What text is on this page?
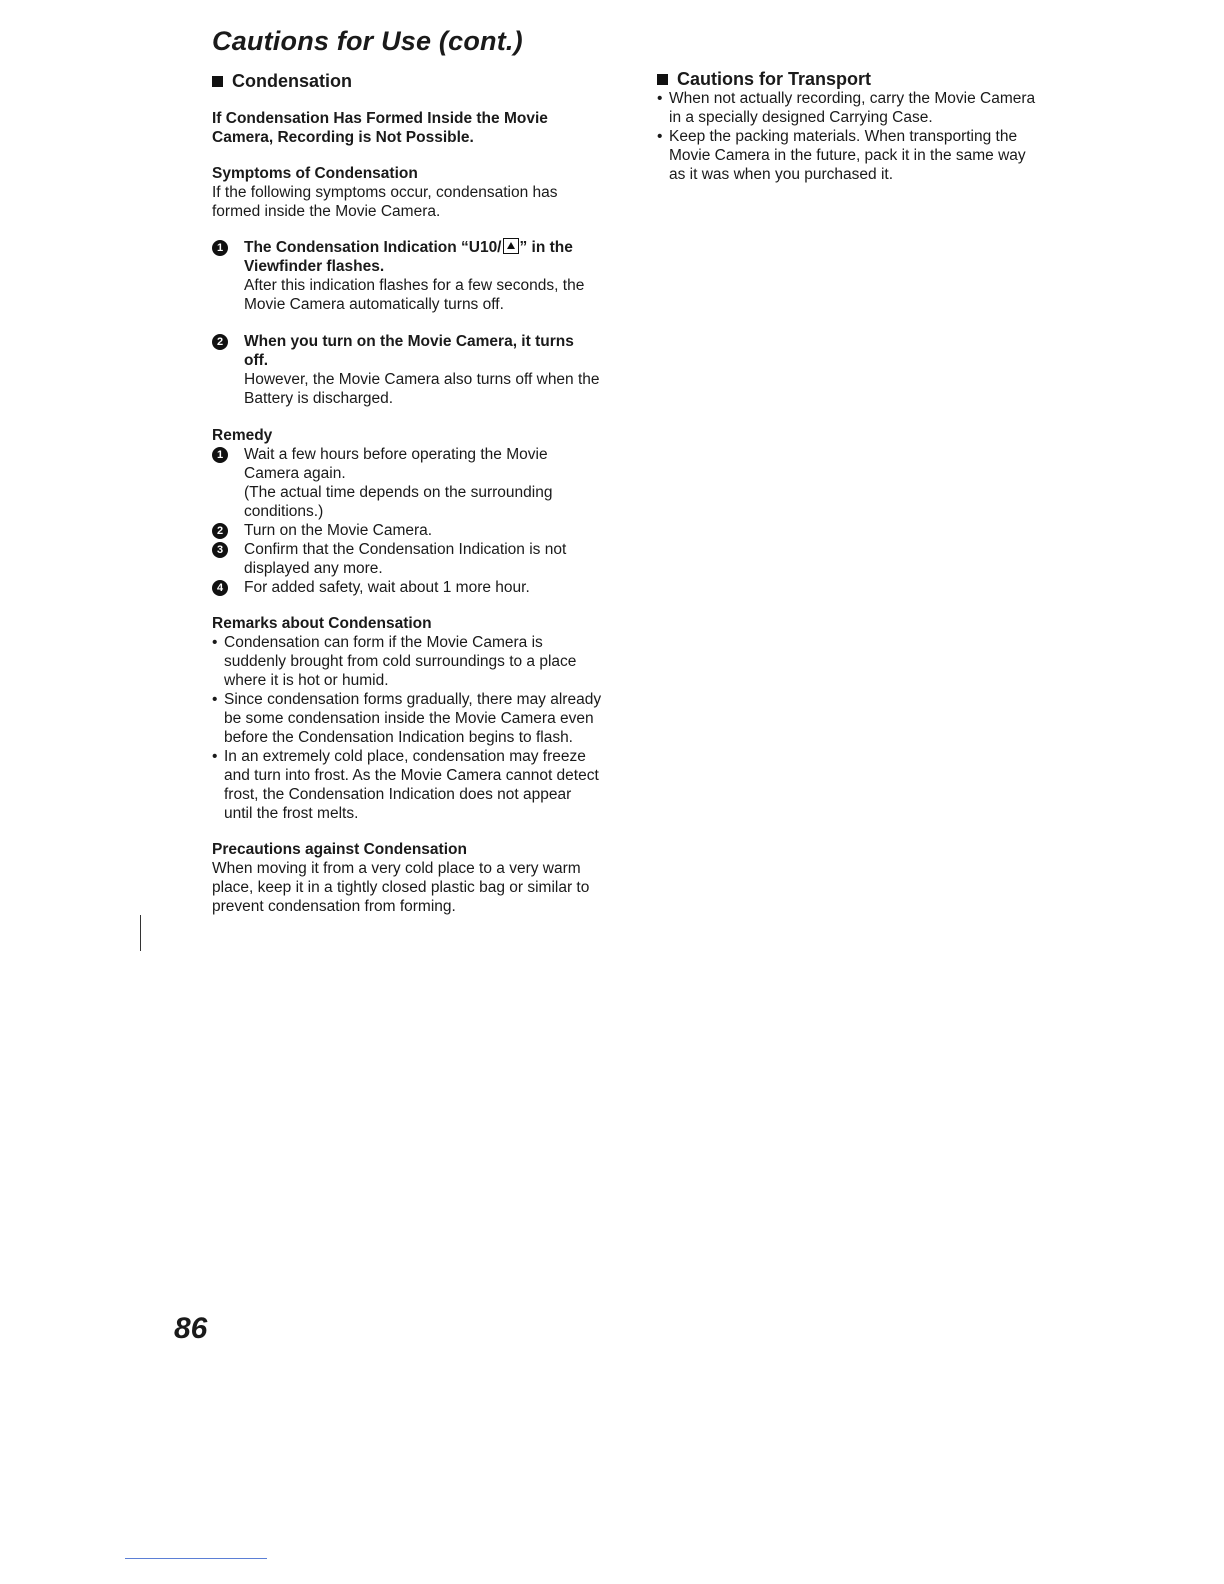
Cautions for Use (cont.)
Condensation

If Condensation Has Formed Inside the Movie Camera, Recording is Not Possible.

Symptoms of Condensation

If the following symptoms occur, condensation has formed inside the Movie Camera.

1	The Condensation Indication “U10/ ” in the Viewfinder flashes.

After this indication flashes for a few seconds, the Movie Camera automatically turns off.

2	When you turn on the Movie Camera, it turns off.

However, the Movie Camera also turns off when the Battery is discharged.

Remedy

1	Wait a few hours before operating the Movie Camera again.

(The actual time depends on the surrounding conditions.)

2	Turn on the Movie Camera.

3	Confirm that the Condensation Indication is not displayed any more.

4	For added safety, wait about 1 more hour.

Remarks about Condensation

• Condensation can form if the Movie Camera is suddenly brought from cold surroundings to a place where it is hot or humid.
• Since condensation forms gradually, there may already be some condensation inside the Movie Camera even before the Condensation Indication begins to flash.
• In an extremely cold place, condensation may freeze and turn into frost. As the Movie Camera cannot detect frost, the Condensation Indication does not appear until the frost melts.

Precautions against Condensation

When moving it from a very cold place to a very warm place, keep it in a tightly closed plastic bag or similar to prevent condensation from forming.

Cautions for Transport
• When not actually recording, carry the Movie Camera in a specially designed Carrying Case.
• Keep the packing materials. When transporting the Movie Camera in the future, pack it in the same way as it was when you purchased it.
86
